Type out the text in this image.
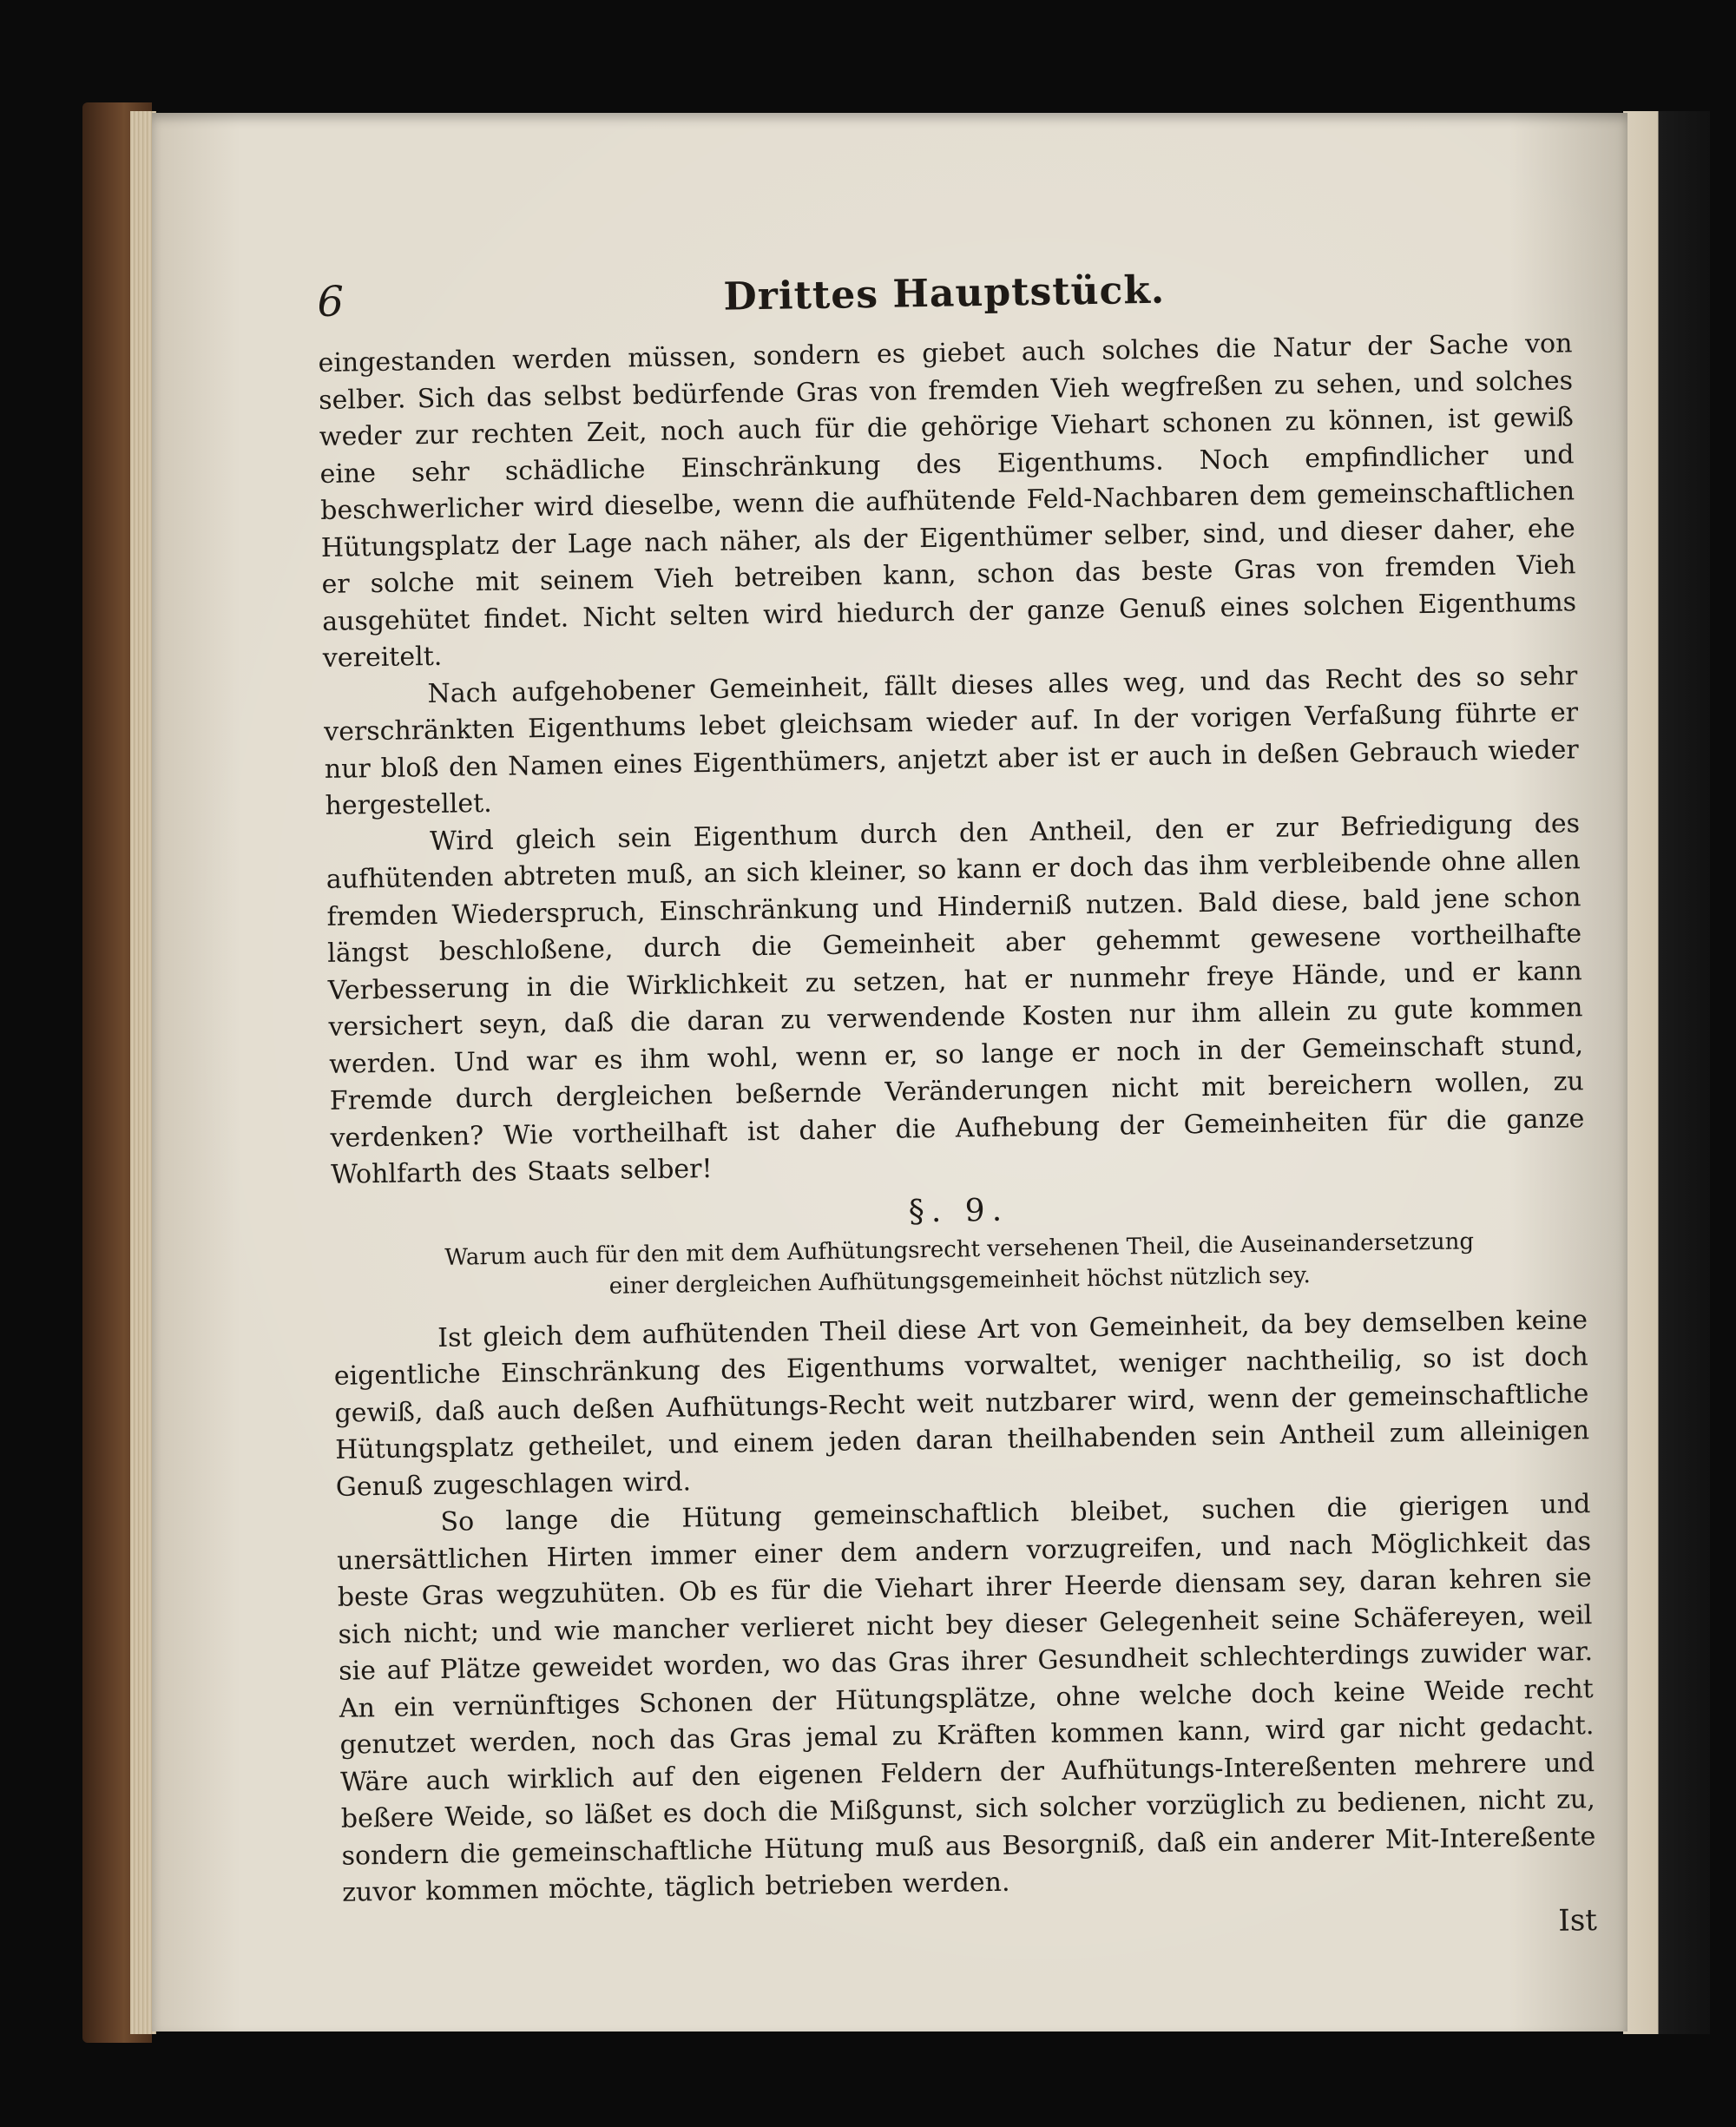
6	Drittes Hauptstück.

eingestanden werden müssen, sondern es giebet auch solches die Natur der Sache von selber. Sich das selbst bedürfende Gras von fremden Vieh wegfreßen zu sehen, und solches weder zur rechten Zeit, noch auch für die gehörige Viehart schonen zu können, ist gewiß eine sehr schädliche Einschränkung des Eigenthums. Noch empfindlicher und beschwerlicher wird dieselbe, wenn die aufhütende Feld-Nachbaren dem gemeinschaftlichen Hütungsplatz der Lage nach näher, als der Eigenthümer selber, sind, und dieser daher, ehe er solche mit seinem Vieh betreiben kann, schon das beste Gras von fremden Vieh ausgehütet findet. Nicht selten wird hiedurch der ganze Genuß eines solchen Eigenthums vereitelt.

Nach aufgehobener Gemeinheit, fällt dieses alles weg, und das Recht des so sehr verschränkten Eigenthums lebet gleichsam wieder auf. In der vorigen Verfaßung führte er nur bloß den Namen eines Eigenthümers, anjetzt aber ist er auch in deßen Gebrauch wieder hergestellet.

Wird gleich sein Eigenthum durch den Antheil, den er zur Befriedigung des aufhütenden abtreten muß, an sich kleiner, so kann er doch das ihm verbleibende ohne allen fremden Wiederspruch, Einschränkung und Hinderniß nutzen. Bald diese, bald jene schon längst beschloßene, durch die Gemeinheit aber gehemmt gewesene vortheilhafte Verbesserung in die Wirklichkeit zu setzen, hat er nunmehr freye Hände, und er kann versichert seyn, daß die daran zu verwendende Kosten nur ihm allein zu gute kommen werden. Und war es ihm wohl, wenn er, so lange er noch in der Gemeinschaft stund, Fremde durch dergleichen beßernde Veränderungen nicht mit bereichern wollen, zu verdenken? Wie vortheilhaft ist daher die Aufhebung der Gemeinheiten für die ganze Wohlfarth des Staats selber!

§. 9.
Warum auch für den mit dem Aufhütungsrecht versehenen Theil, die Auseinandersetzung
einer dergleichen Aufhütungsgemeinheit höchst nützlich sey.

Ist gleich dem aufhütenden Theil diese Art von Gemeinheit, da bey demselben keine eigentliche Einschränkung des Eigenthums vorwaltet, weniger nachtheilig, so ist doch gewiß, daß auch deßen Aufhütungs-Recht weit nutzbarer wird, wenn der gemeinschaftliche Hütungsplatz getheilet, und einem jeden daran theilhabenden sein Antheil zum alleinigen Genuß zugeschlagen wird.

So lange die Hütung gemeinschaftlich bleibet, suchen die gierigen und unersättlichen Hirten immer einer dem andern vorzugreifen, und nach Möglichkeit das beste Gras wegzuhüten. Ob es für die Viehart ihrer Heerde diensam sey, daran kehren sie sich nicht; und wie mancher verlieret nicht bey dieser Gelegenheit seine Schäfereyen, weil sie auf Plätze geweidet worden, wo das Gras ihrer Gesundheit schlechterdings zuwider war. An ein vernünftiges Schonen der Hütungsplätze, ohne welche doch keine Weide recht genutzet werden, noch das Gras jemal zu Kräften kommen kann, wird gar nicht gedacht. Wäre auch wirklich auf den eigenen Feldern der Aufhütungs-Intereßenten mehrere und beßere Weide, so läßet es doch die Mißgunst, sich solcher vorzüglich zu bedienen, nicht zu, sondern die gemeinschaftliche Hütung muß aus Besorgniß, daß ein anderer Mit-Intereßente zuvor kommen möchte, täglich betrieben werden.

Ist
